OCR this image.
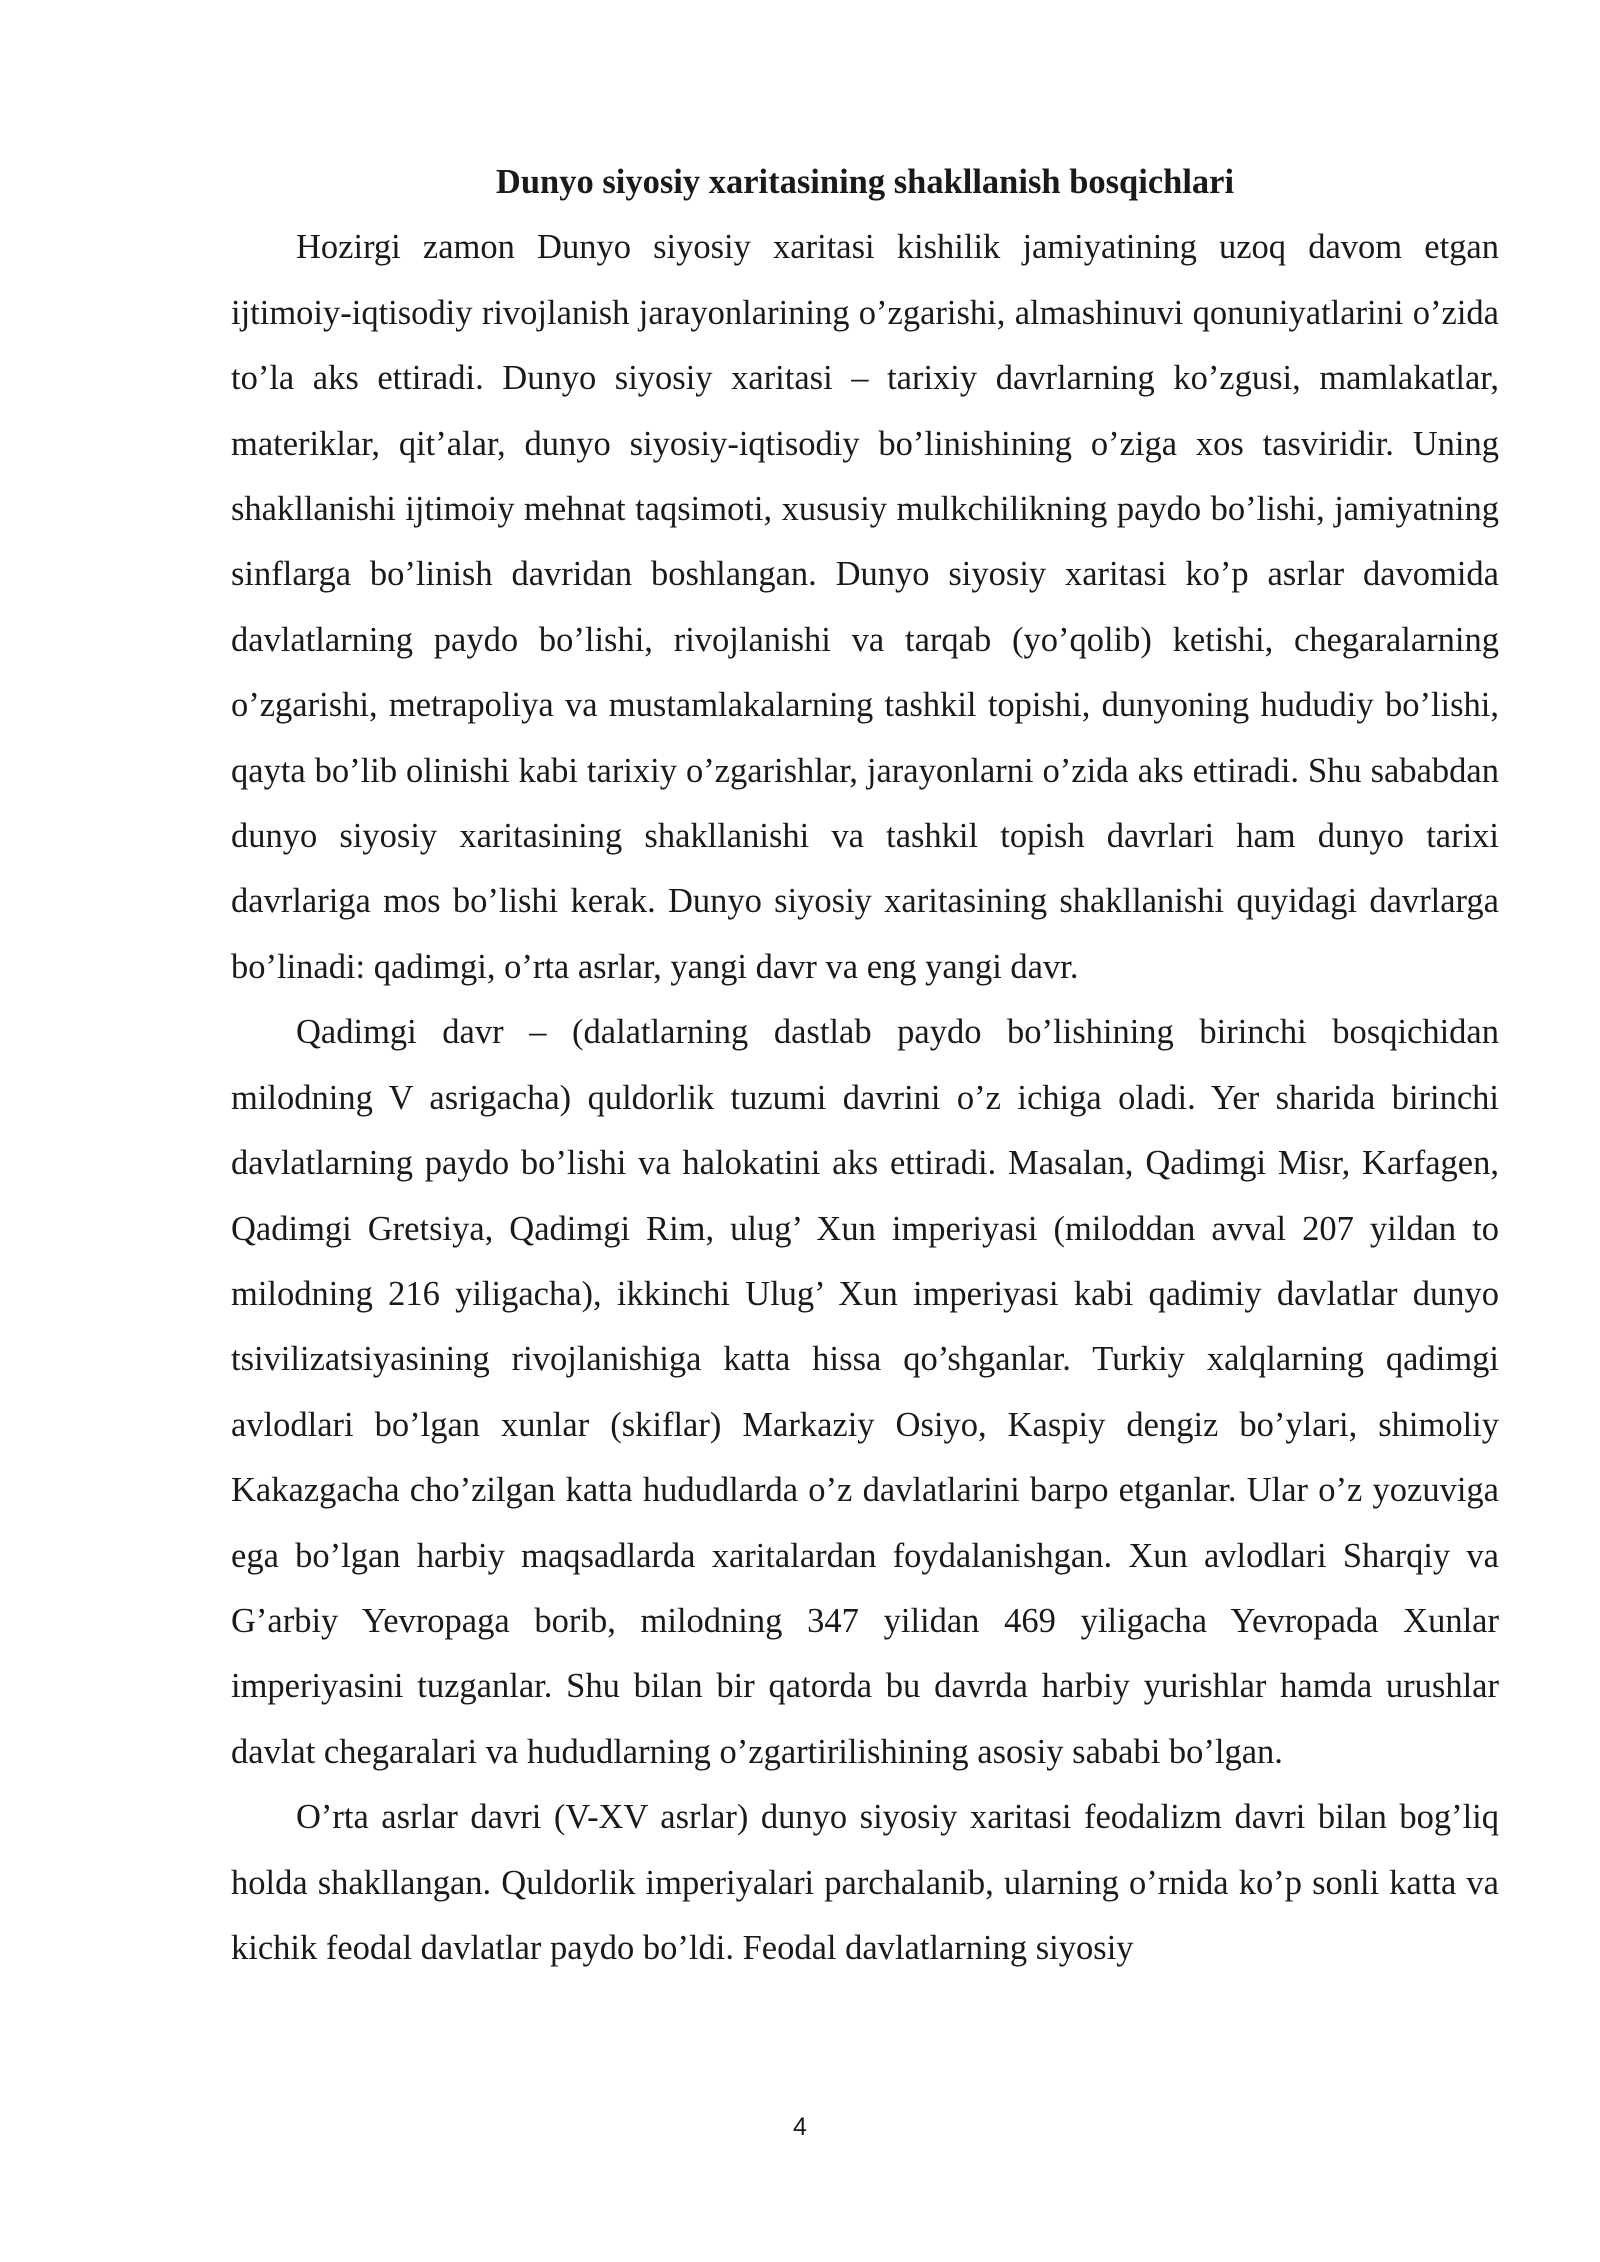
Dunyo siyosiy xaritasining shakllanish bosqichlari

Hozirgi zamon Dunyo siyosiy xaritasi kishilik jamiyatining uzoq davom etgan ijtimoiy-iqtisodiy rivojlanish jarayonlarining o’zgarishi, almashinuvi qonuniyatlarini o’zida to’la aks ettiradi. Dunyo siyosiy xaritasi – tarixiy davrlarning ko’zgusi, mamlakatlar, materiklar, qit’alar, dunyo siyosiy-iqtisodiy bo’linishining o’ziga xos tasviridir. Uning shakllanishi ijtimoiy mehnat taqsimoti, xususiy mulkchilikning paydo bo’lishi, jamiyatning sinflarga bo’linish davridan boshlangan. Dunyo siyosiy xaritasi ko’p asrlar davomida davlatlarning paydo bo’lishi, rivojlanishi va tarqab (yo’qolib) ketishi, chegaralarning o’zgarishi, metrapoliya va mustamlakalarning tashkil topishi, dunyoning hududiy bo’lishi, qayta bo’lib olinishi kabi tarixiy o’zgarishlar, jarayonlarni o’zida aks ettiradi. Shu sababdan dunyo siyosiy xaritasining shakllanishi va tashkil topish davrlari ham dunyo tarixi davrlariga mos bo’lishi kerak. Dunyo siyosiy xaritasining shakllanishi quyidagi davrlarga bo’linadi: qadimgi, o’rta asrlar, yangi davr va eng yangi davr.

Qadimgi davr – (dalatlarning dastlab paydo bo’lishining birinchi bosqichidan milodning V asrigacha) quldorlik tuzumi davrini o’z ichiga oladi. Yer sharida birinchi davlatlarning paydo bo’lishi va halokatini aks ettiradi. Masalan, Qadimgi Misr, Karfagen, Qadimgi Gretsiya, Qadimgi Rim, ulug’ Xun imperiyasi (miloddan avval 207 yildan to milodning 216 yiligacha), ikkinchi Ulug’ Xun imperiyasi kabi qadimiy davlatlar dunyo tsivilizatsiyasining rivojlanishiga katta hissa qo’shganlar. Turkiy xalqlarning qadimgi avlodlari bo’lgan xunlar (skiflar) Markaziy Osiyo, Kaspiy dengiz bo’ylari, shimoliy Kakazgacha cho’zilgan katta hududlarda o’z davlatlarini barpo etganlar. Ular o’z yozuviga ega bo’lgan harbiy maqsadlarda xaritalardan foydalanishgan. Xun avlodlari Sharqiy va G’arbiy Yevropaga borib, milodning 347 yilidan 469 yiligacha Yevropada Xunlar imperiyasini tuzganlar. Shu bilan bir qatorda bu davrda harbiy yurishlar hamda urushlar davlat chegaralari va hududlarning o’zgartirilishining asosiy sababi bo’lgan.

O’rta asrlar davri (V-XV asrlar) dunyo siyosiy xaritasi feodalizm davri bilan bog’liq holda shakllangan. Quldorlik imperiyalari parchalanib, ularning o’rnida ko’p sonli katta va kichik feodal davlatlar paydo bo’ldi. Feodal davlatlarning siyosiy

4
